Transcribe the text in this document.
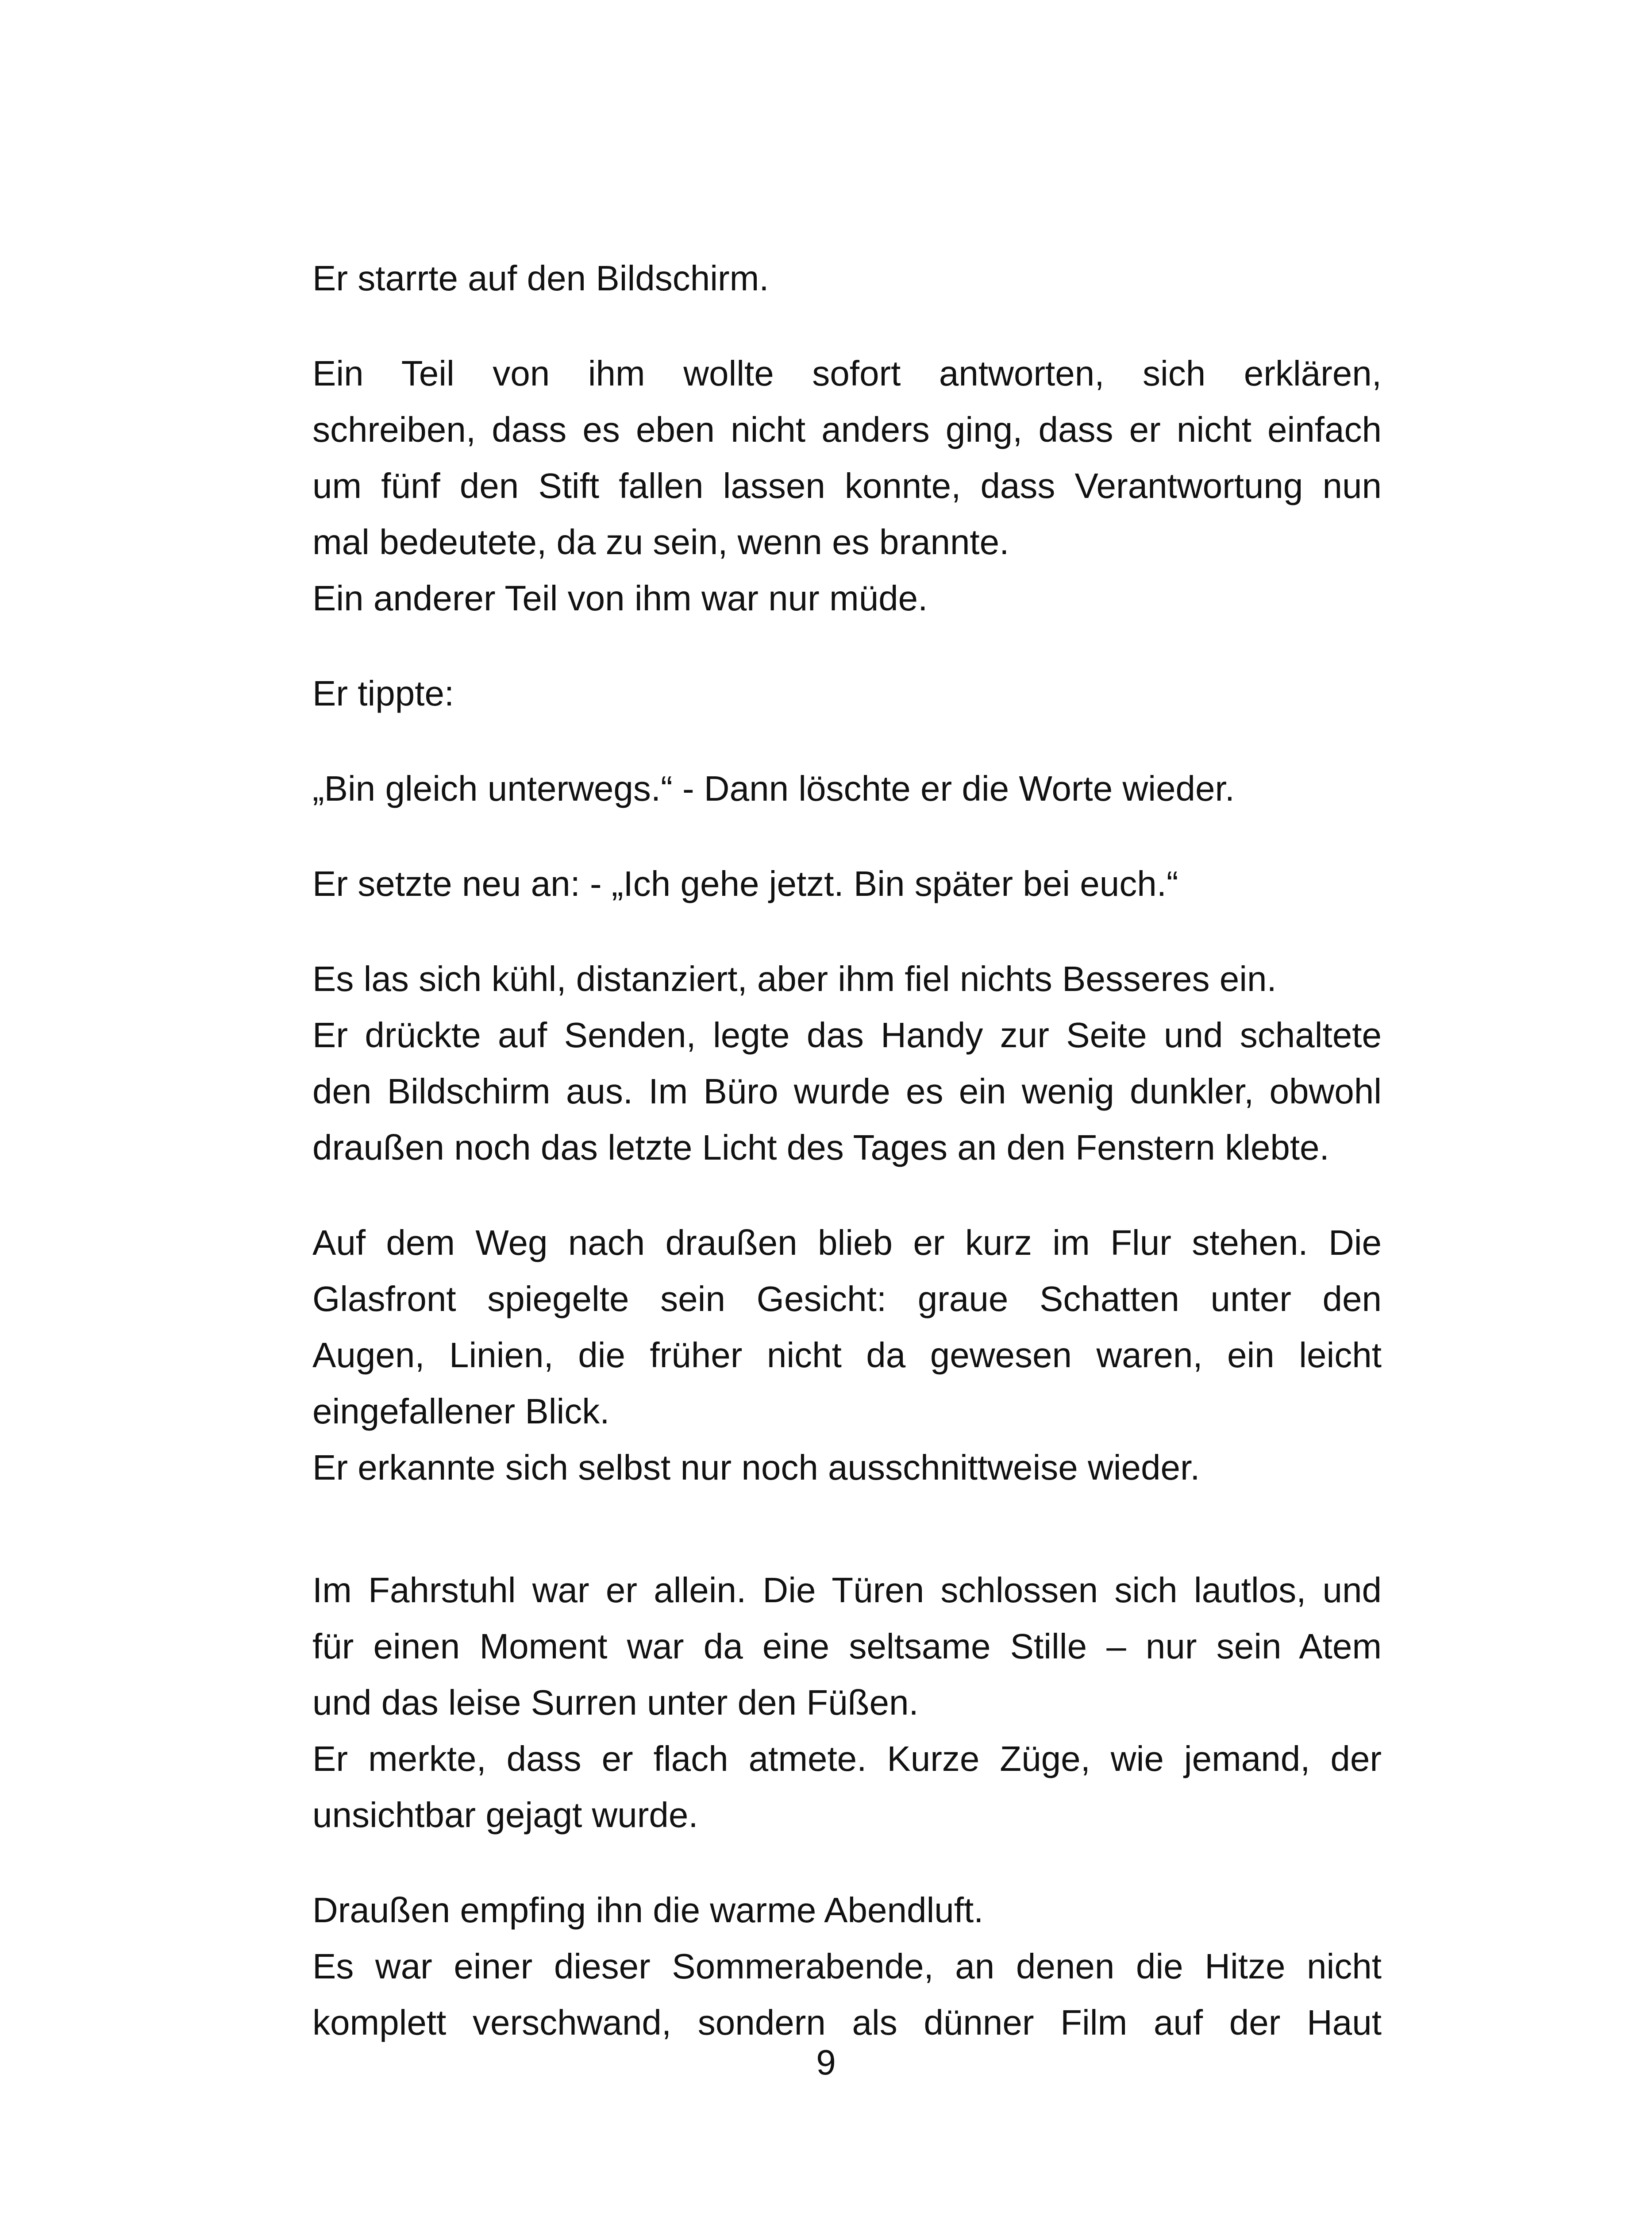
Er starrte auf den Bildschirm.

Ein Teil von ihm wollte sofort antworten, sich erklären,
schreiben, dass es eben nicht anders ging, dass er nicht einfach
um fünf den Stift fallen lassen konnte, dass Verantwortung nun
mal bedeutete, da zu sein, wenn es brannte.
Ein anderer Teil von ihm war nur müde.

Er tippte:

„Bin gleich unterwegs.“ - Dann löschte er die Worte wieder.

Er setzte neu an: - „Ich gehe jetzt. Bin später bei euch.“

Es las sich kühl, distanziert, aber ihm fiel nichts Besseres ein.
Er drückte auf Senden, legte das Handy zur Seite und schaltete
den Bildschirm aus. Im Büro wurde es ein wenig dunkler, obwohl
draußen noch das letzte Licht des Tages an den Fenstern klebte.

Auf dem Weg nach draußen blieb er kurz im Flur stehen. Die
Glasfront spiegelte sein Gesicht: graue Schatten unter den
Augen, Linien, die früher nicht da gewesen waren, ein leicht
eingefallener Blick.
Er erkannte sich selbst nur noch ausschnittweise wieder.

Im Fahrstuhl war er allein. Die Türen schlossen sich lautlos, und
für einen Moment war da eine seltsame Stille – nur sein Atem
und das leise Surren unter den Füßen.
Er merkte, dass er flach atmete. Kurze Züge, wie jemand, der
unsichtbar gejagt wurde.

Draußen empfing ihn die warme Abendluft.
Es war einer dieser Sommerabende, an denen die Hitze nicht
komplett verschwand, sondern als dünner Film auf der Haut

9
